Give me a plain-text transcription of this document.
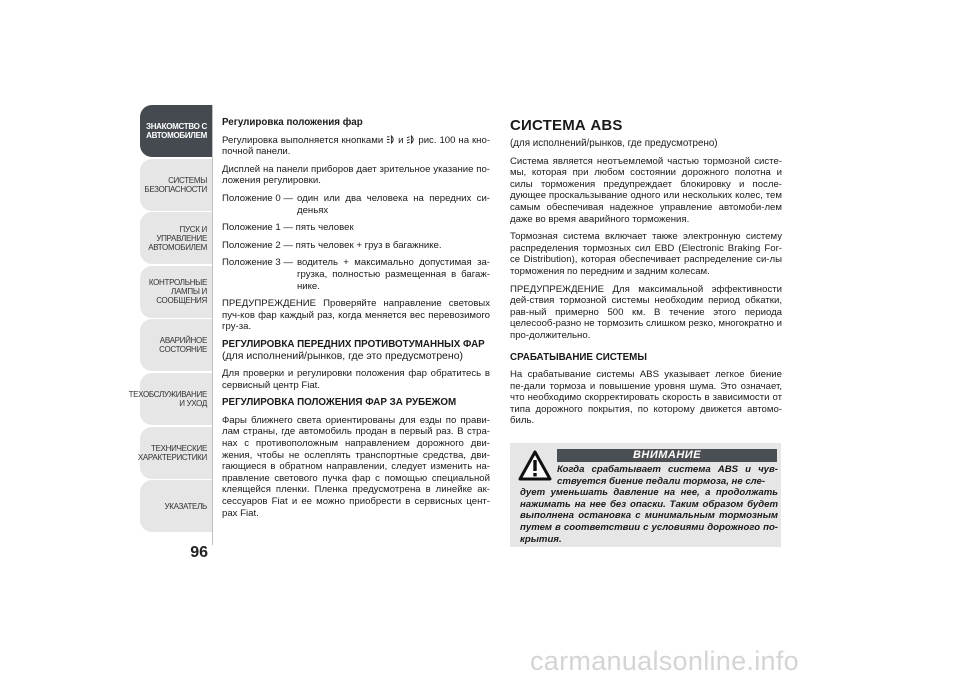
ЗНАКОМСТВО С
АВТОМОБИЛЕМ
СИСТЕМЫ
БЕЗОПАСНОСТИ
ПУСК И УПРАВЛЕНИЕ
АВТОМОБИЛЕМ
КОНТРОЛЬНЫЕ
ЛАМПЫ И
СООБЩЕНИЯ
АВАРИЙНОЕ
СОСТОЯНИЕ
ТЕХОБСЛУЖИВАНИЕ
И УХОД
ТЕХНИЧЕСКИЕ
ХАРАКТЕРИСТИКИ
УКАЗАТЕЛЬ
96
Регулировка положения фар

Регулировка выполняется кнопками и рис. 100 на кно-почной панели.

Дисплей на панели приборов дает зрительное указание по-ложения регулировки.

Положение 0 — один или два человека на передних си-деньях

Положение 1 — пять человек

Положение 2 — пять человек + груз в багажнике.

Положение 3 — водитель + максимально допустимая за-грузка, полностью размещенная в багаж-нике.

ПРЕДУПРЕЖДЕНИЕ Проверяйте направление световых пуч-ков фар каждый раз, когда меняется вес перевозимого гру-за.

РЕГУЛИРОВКА ПЕРЕДНИХ ПРОТИВОТУМАННЫХ ФАР
(для исполнений/рынков, где это предусмотрено)

Для проверки и регулировки положения фар обратитесь в сервисный центр Fiat.

РЕГУЛИРОВКА ПОЛОЖЕНИЯ ФАР ЗА РУБЕЖОМ

Фары ближнего света ориентированы для езды по прави-лам страны, где автомобиль продан в первый раз. В стра-нах с противоположным направлением дорожного дви-жения, чтобы не ослеплять транспортные средства, дви-гающиеся в обратном направлении, следует изменить на-правление светового пучка фар с помощью специальной клеящейся пленки. Пленка предусмотрена в линейке ак-сессуаров Fiat и ее можно приобрести в сервисных цент-рах Fiat.

СИСТЕМА ABS
(для исполнений/рынков, где предусмотрено)

Система является неотъемлемой частью тормозной систе-мы, которая при любом состоянии дорожного полотна и силы торможения предупреждает блокировку и после-дующее проскальзывание одного или нескольких колес, тем самым обеспечивая надежное управление автомоби-лем даже во время аварийного торможения.

Тормозная система включает также электронную систему распределения тормозных сил EBD (Electronic Braking For-ce Distribution), которая обеспечивает распределение си-лы торможения по передним и задним колесам.

ПРЕДУПРЕЖДЕНИЕ Для максимальной эффективности дей-ствия тормозной системы необходим период обкатки, рав-ный примерно 500 км. В течение этого периода целесооб-разно не тормозить слишком резко, многократно и про-должительно.

СРАБАТЫВАНИЕ СИСТЕМЫ

На срабатывание системы ABS указывает легкое биение пе-дали тормоза и повышение уровня шума. Это означает, что необходимо скорректировать скорость в зависимости от типа дорожного покрытия, по которому движется автомо-биль.

ВНИМАНИЕ
Когда срабатывает система ABS и чув-ствуется биение педали тормоза, не сле-
дует уменьшать давление на нее, а продолжать нажимать на нее без опаски. Таким образом будет выполнена остановка с минимальным тормозным путем в соответствии с условиями дорожного по-крытия.
carmanualsonline.info
